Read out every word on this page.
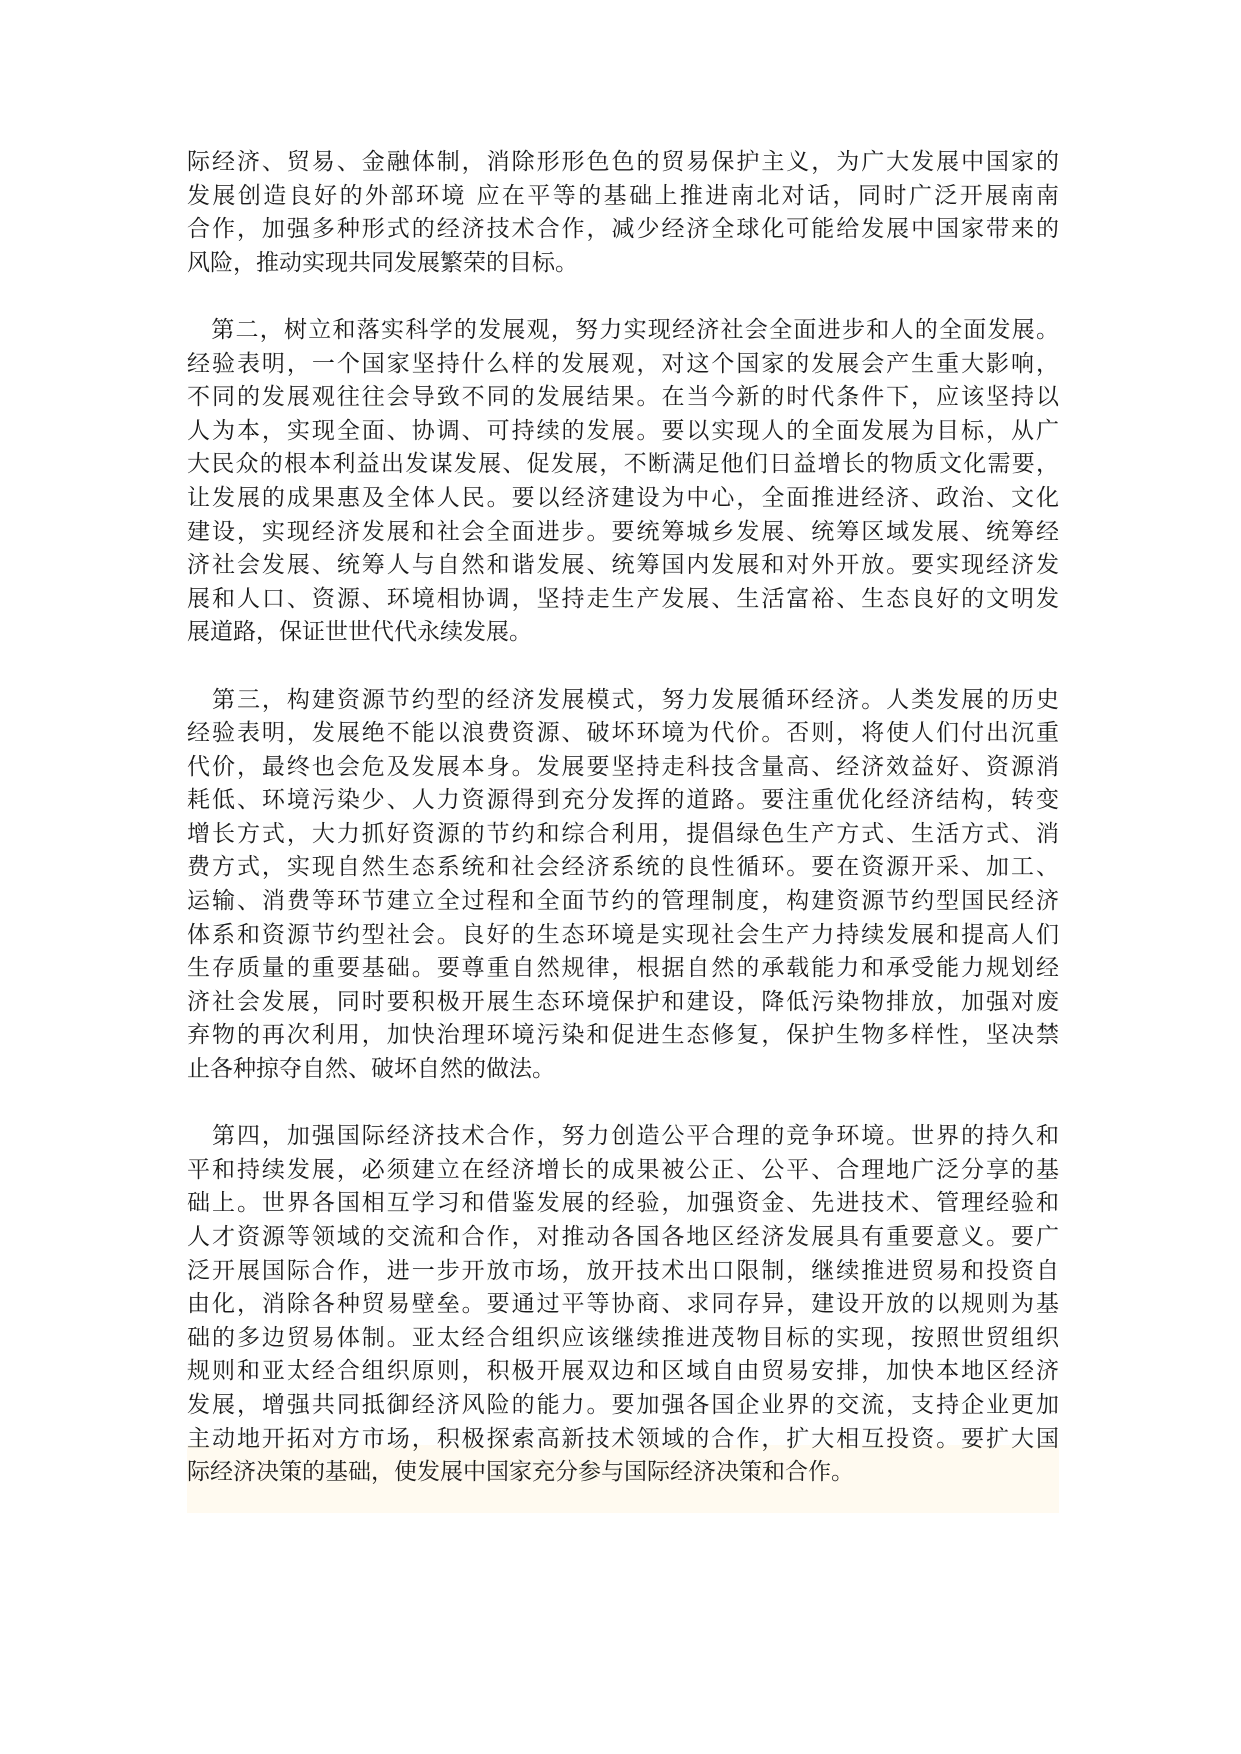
际经济、贸易、金融体制，消除形形色色的贸易保护主义，为广大发展中国家的
发展创造良好的外部环境 应在平等的基础上推进南北对话，同时广泛开展南南
合作，加强多种形式的经济技术合作，减少经济全球化可能给发展中国家带来的
风险，推动实现共同发展繁荣的目标。
　第二，树立和落实科学的发展观，努力实现经济社会全面进步和人的全面发展。
经验表明，一个国家坚持什么样的发展观，对这个国家的发展会产生重大影响，
不同的发展观往往会导致不同的发展结果。在当今新的时代条件下，应该坚持以
人为本，实现全面、协调、可持续的发展。要以实现人的全面发展为目标，从广
大民众的根本利益出发谋发展、促发展，不断满足他们日益增长的物质文化需要，
让发展的成果惠及全体人民。要以经济建设为中心，全面推进经济、政治、文化
建设，实现经济发展和社会全面进步。要统筹城乡发展、统筹区域发展、统筹经
济社会发展、统筹人与自然和谐发展、统筹国内发展和对外开放。要实现经济发
展和人口、资源、环境相协调，坚持走生产发展、生活富裕、生态良好的文明发
展道路，保证世世代代永续发展。
　第三，构建资源节约型的经济发展模式，努力发展循环经济。人类发展的历史
经验表明，发展绝不能以浪费资源、破坏环境为代价。否则，将使人们付出沉重
代价，最终也会危及发展本身。发展要坚持走科技含量高、经济效益好、资源消
耗低、环境污染少、人力资源得到充分发挥的道路。要注重优化经济结构，转变
增长方式，大力抓好资源的节约和综合利用，提倡绿色生产方式、生活方式、消
费方式，实现自然生态系统和社会经济系统的良性循环。要在资源开采、加工、
运输、消费等环节建立全过程和全面节约的管理制度，构建资源节约型国民经济
体系和资源节约型社会。良好的生态环境是实现社会生产力持续发展和提高人们
生存质量的重要基础。要尊重自然规律，根据自然的承载能力和承受能力规划经
济社会发展，同时要积极开展生态环境保护和建设，降低污染物排放，加强对废
弃物的再次利用，加快治理环境污染和促进生态修复，保护生物多样性，坚决禁
止各种掠夺自然、破坏自然的做法。
　第四，加强国际经济技术合作，努力创造公平合理的竞争环境。世界的持久和
平和持续发展，必须建立在经济增长的成果被公正、公平、合理地广泛分享的基
础上。世界各国相互学习和借鉴发展的经验，加强资金、先进技术、管理经验和
人才资源等领域的交流和合作，对推动各国各地区经济发展具有重要意义。要广
泛开展国际合作，进一步开放市场，放开技术出口限制，继续推进贸易和投资自
由化，消除各种贸易壁垒。要通过平等协商、求同存异，建设开放的以规则为基
础的多边贸易体制。亚太经合组织应该继续推进茂物目标的实现，按照世贸组织
规则和亚太经合组织原则，积极开展双边和区域自由贸易安排，加快本地区经济
发展，增强共同抵御经济风险的能力。要加强各国企业界的交流，支持企业更加
主动地开拓对方市场，积极探索高新技术领域的合作，扩大相互投资。要扩大国
际经济决策的基础，使发展中国家充分参与国际经济决策和合作。
